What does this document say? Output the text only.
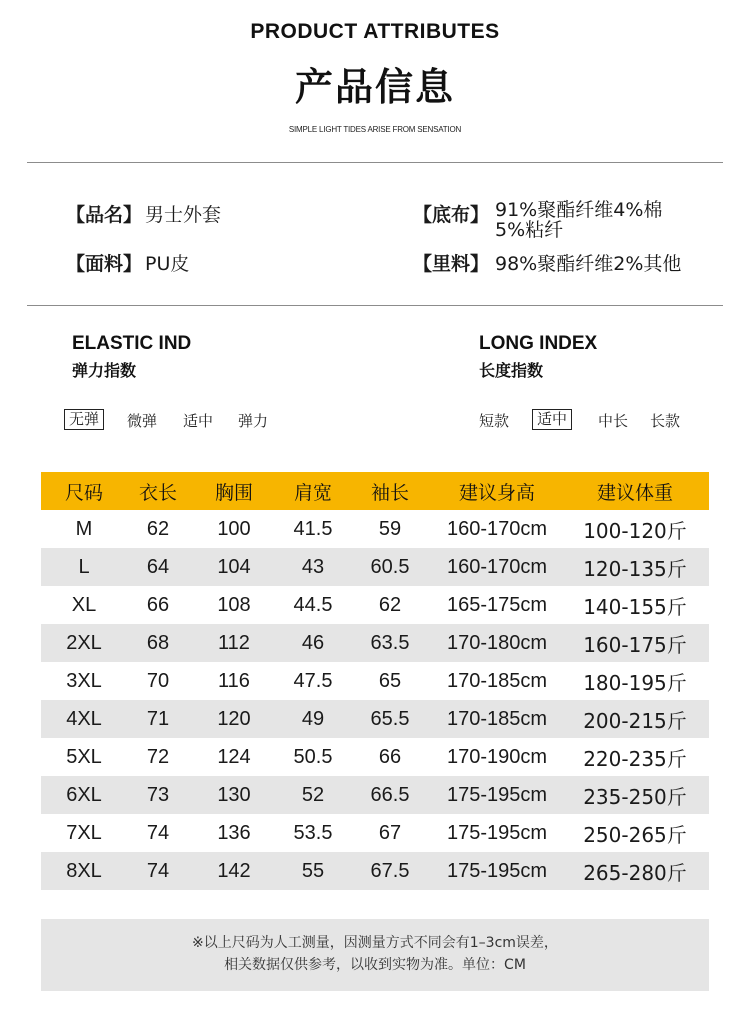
PRODUCT ATTRIBUTES
产品信息
SIMPLE LIGHT TIDES ARISE FROM SENSATION
【品名】 男士外套	【底布】 91%聚酯纤维4%棉
5%粘纤
【面料】 PU皮	【里料】 98%聚酯纤维2%其他
ELASTIC IND
弹力指数
无弹	微弹 适中 弹力
LONG INDEX
长度指数
短款	适中	中长 长款
尺码	衣长	胸围	肩宽	袖长	建议身高	建议体重
M	62	100	41.5	59	160-170cm	100-120斤
L	64	104	43	60.5	160-170cm	120-135斤
XL	66	108	44.5	62	165-175cm	140-155斤
2XL	68	112	46	63.5	170-180cm	160-175斤
3XL	70	116	47.5	65	170-185cm	180-195斤
4XL	71	120	49	65.5	170-185cm	200-215斤
5XL	72	124	50.5	66	170-190cm	220-235斤
6XL	73	130	52	66.5	175-195cm	235-250斤
7XL	74	136	53.5	67	175-195cm	250-265斤
8XL	74	142	55	67.5	175-195cm	265-280斤
※以上尺码为人工测量，因测量方式不同会有1–3cm误差，
相关数据仅供参考，以收到实物为准。单位：CM
